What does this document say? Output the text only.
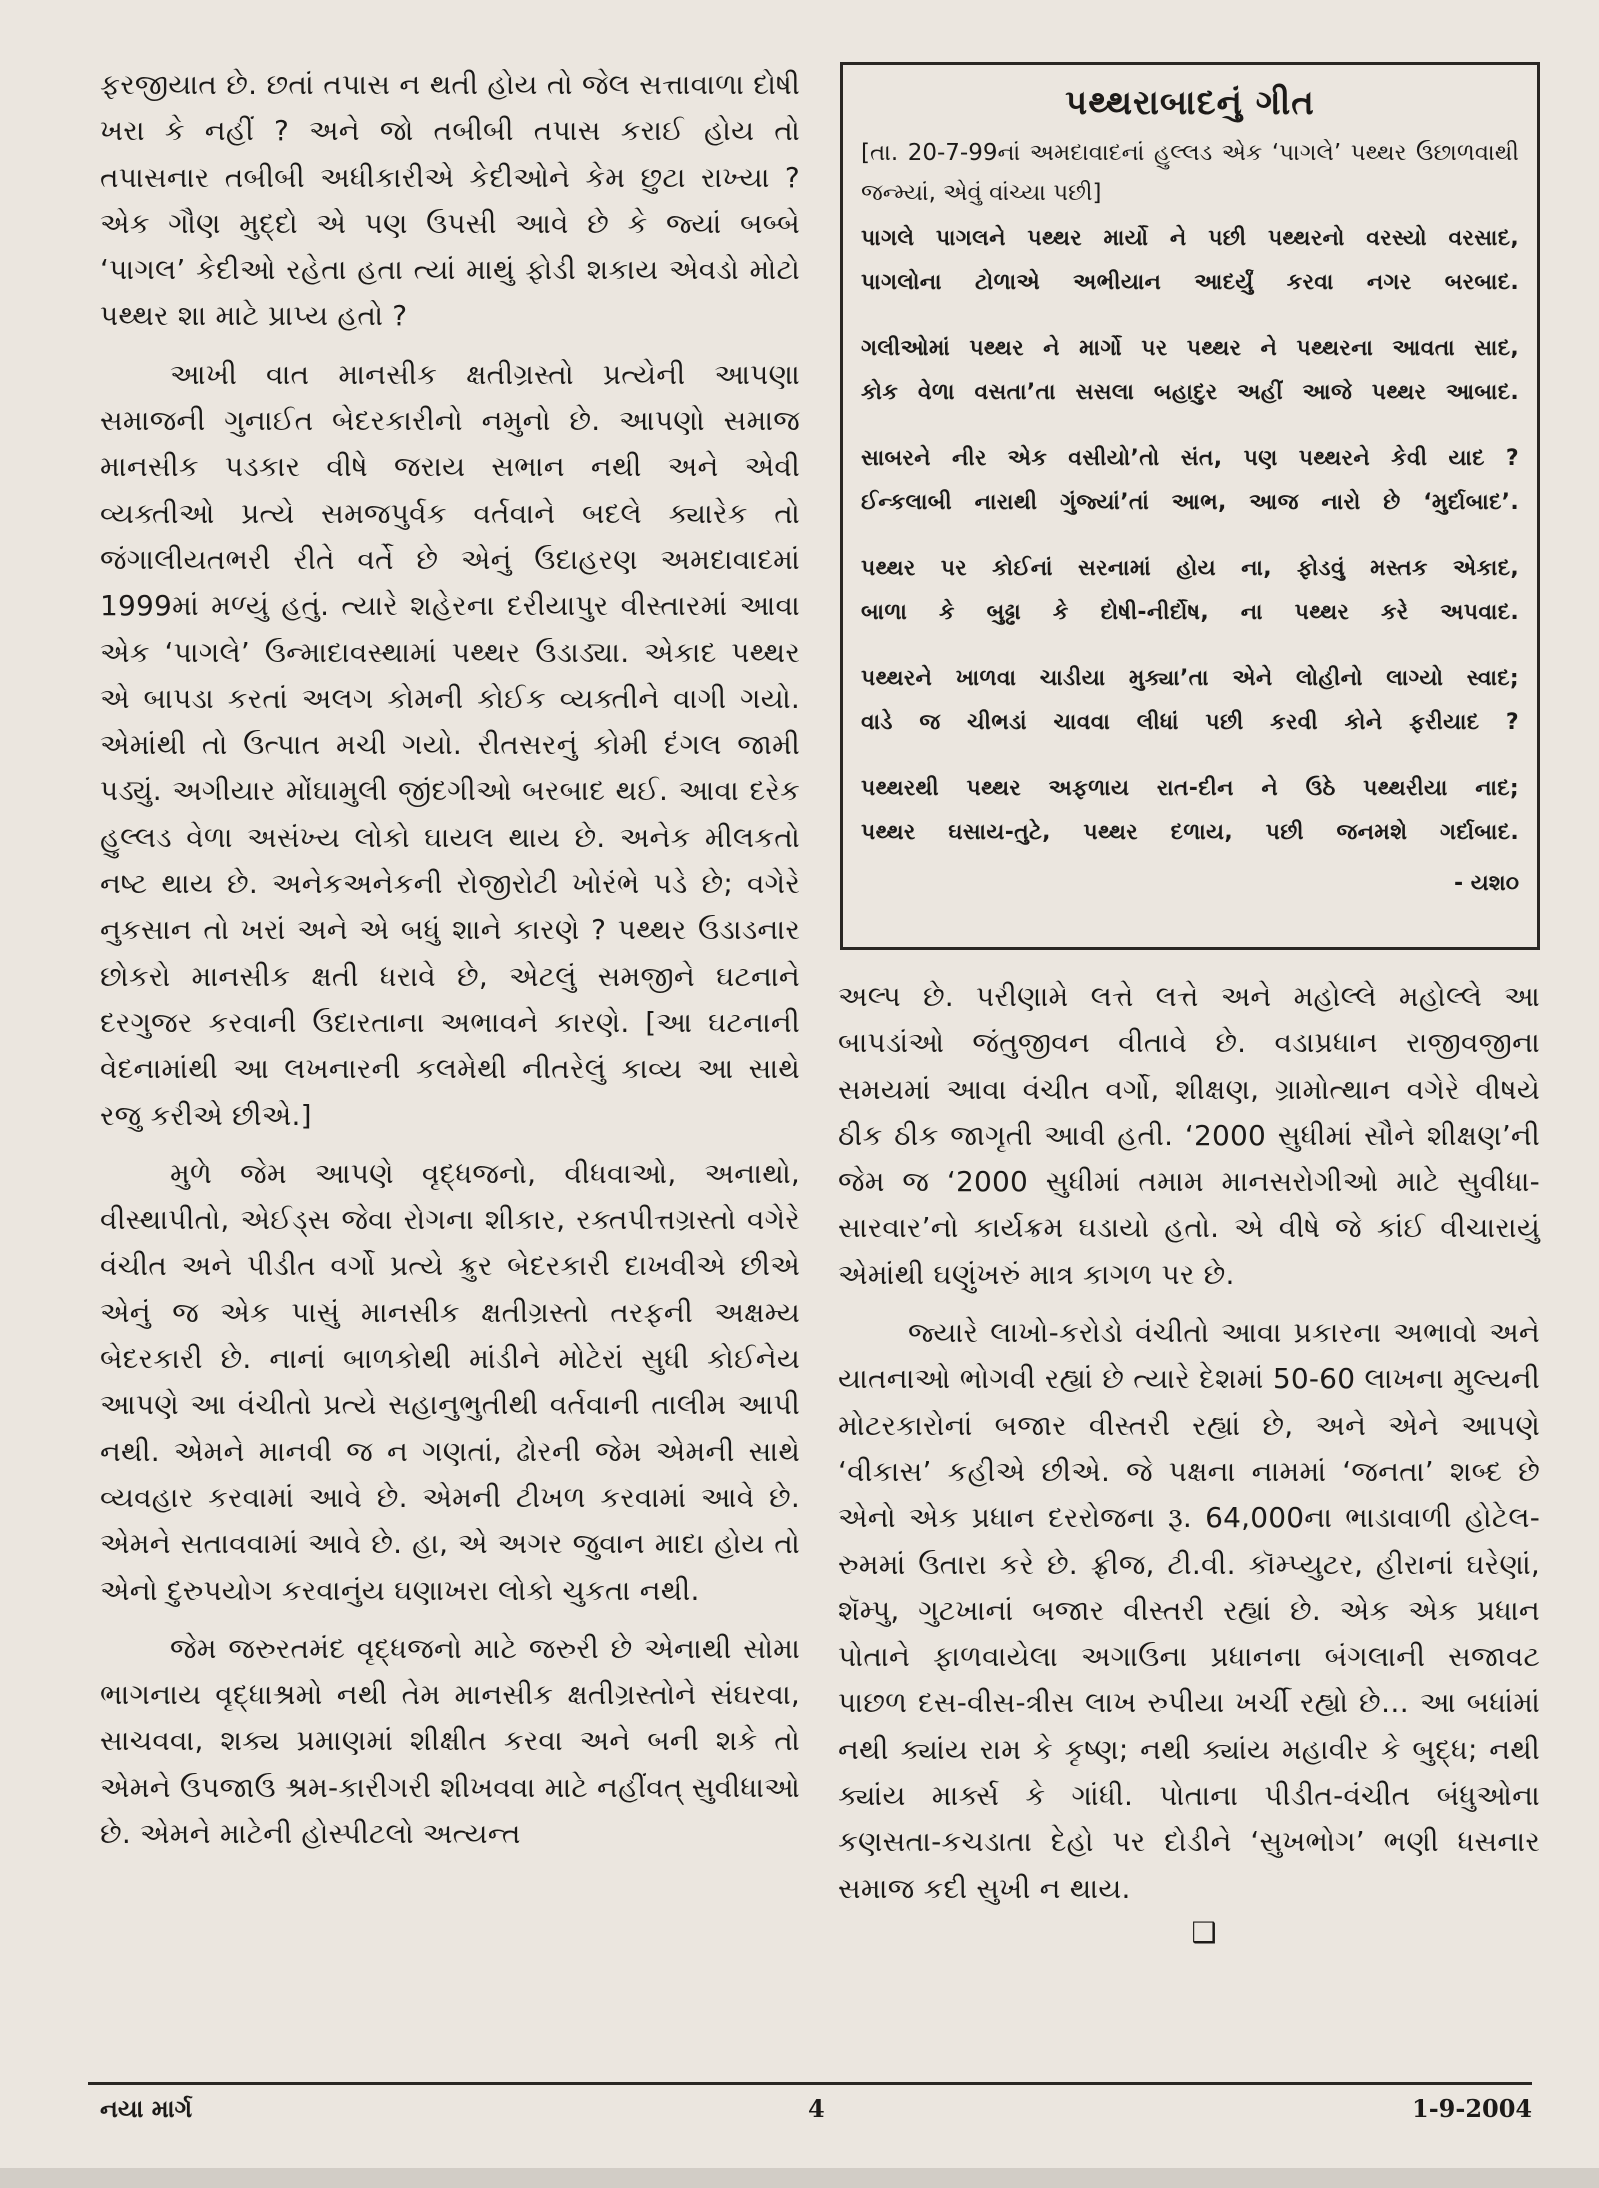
ફરજીયાત છે. છતાં તપાસ ન થતી હોય તો જેલ સત્તાવાળા દોષી ખરા કે નહીં ? અને જો તબીબી તપાસ કરાઈ હોય તો તપાસનાર તબીબી અધીકારીએ કેદીઓને કેમ છુટા રાખ્યા ? એક ગૌણ મુદ્દો એ પણ ઉપસી આવે છે કે જ્યાં બબ્બે ‘પાગલ’ કેદીઓ રહેતા હતા ત્યાં માથું ફોડી શકાય એવડો મોટો પથ્થર શા માટે પ્રાપ્ય હતો ?

આખી વાત માનસીક ક્ષતીગ્રસ્તો પ્રત્યેની આપણા સમાજની ગુનાઈત બેદરકારીનો નમુનો છે. આપણો સમાજ માનસીક પડકાર વીષે જરાય સભાન નથી અને એવી વ્યક્તીઓ પ્રત્યે સમજપુર્વક વર્તવાને બદલે ક્યારેક તો જંગાલીયતભરી રીતે વર્તે છે એનું ઉદાહરણ અમદાવાદમાં 1999માં મળ્યું હતું. ત્યારે શહેરના દરીયાપુર વીસ્તારમાં આવા એક ‘પાગલે’ ઉન્માદાવસ્થામાં પથ્થર ઉડાડ્યા. એકાદ પથ્થર એ બાપડા કરતાં અલગ કોમની કોઈક વ્યક્તીને વાગી ગયો. એમાંથી તો ઉત્પાત મચી ગયો. રીતસરનું કોમી દંગલ જામી પડ્યું. અગીયાર મોંઘામુલી જીંદગીઓ બરબાદ થઈ. આવા દરેક હુલ્લડ વેળા અસંખ્ય લોકો ઘાયલ થાય છે. અનેક મીલકતો નષ્ટ થાય છે. અનેકઅનેકની રોજીરોટી ખોરંભે પડે છે; વગેરે નુકસાન તો ખરાં અને એ બધું શાને કારણે ? પથ્થર ઉડાડનાર છોકરો માનસીક ક્ષતી ધરાવે છે, એટલું સમજીને ઘટનાને દરગુજર કરવાની ઉદારતાના અભાવને કારણે. [આ ઘટનાની વેદનામાંથી આ લખનારની કલમેથી નીતરેલું કાવ્ય આ સાથે રજુ કરીએ છીએ.]

મુળે જેમ આપણે વૃદ્ધજનો, વીધવાઓ, અનાથો, વીસ્થાપીતો, એઈડ્સ જેવા રોગના શીકાર, રક્તપીત્તગ્રસ્તો વગેરે વંચીત અને પીડીત વર્ગો પ્રત્યે ક્રુર બેદરકારી દાખવીએ છીએ એનું જ એક પાસું માનસીક ક્ષતીગ્રસ્તો તરફની અક્ષમ્ય બેદરકારી છે. નાનાં બાળકોથી માંડીને મોટેરાં સુધી કોઈનેય આપણે આ વંચીતો પ્રત્યે સહાનુભુતીથી વર્તવાની તાલીમ આપી નથી. એમને માનવી જ ન ગણતાં, ઢોરની જેમ એમની સાથે વ્યવહાર કરવામાં આવે છે. એમની ટીખળ કરવામાં આવે છે. એમને સતાવવામાં આવે છે. હા, એ અગર જુવાન માદા હોય તો એનો દુરુપયોગ કરવાનુંય ઘણાખરા લોકો ચુકતા નથી.

જેમ જરુરતમંદ વૃદ્ધજનો માટે જરુરી છે એનાથી સોમા ભાગનાય વૃદ્ધાશ્રમો નથી તેમ માનસીક ક્ષતીગ્રસ્તોને સંઘરવા, સાચવવા, શક્ય પ્રમાણમાં શીક્ષીત કરવા અને બની શકે તો એમને ઉપજાઉ શ્રમ-કારીગરી શીખવવા માટે નહીંવત્ સુવીધાઓ છે. એમને માટેની હોસ્પીટલો અત્યન્ત

પથ્થરાબાદનું ગીત

[તા. 20-7-99નાં અમદાવાદનાં હુલ્લડ એક ‘પાગલે’ પથ્થર ઉછાળવાથી જન્મ્યાં, એવું વાંચ્યા પછી]

પાગલે પાગલને પથ્થર માર્યો ને પછી પથ્થરનો વરસ્યો વરસાદ,

પાગલોના ટોળાએ અભીયાન આદર્યું કરવા નગર બરબાદ.

ગલીઓમાં પથ્થર ને માર્ગો પર પથ્થર ને પથ્થરના આવતા સાદ,

કોક વેળા વસતા’તા સસલા બહાદુર અહીં આજે પથ્થર આબાદ.

સાબરને નીર એક વસીયો’તો સંત, પણ પથ્થરને કેવી યાદ ?

ઈન્કલાબી નારાથી ગુંજ્યાં’તાં આભ, આજ નારો છે ‘મુર્દાબાદ’.

પથ્થર પર કોઈનાં સરનામાં હોય ના, ફોડવું મસ્તક એકાદ,

બાળા કે બુઢ્ઢા કે દોષી-નીર્દોષ, ના પથ્થર કરે અપવાદ.

પથ્થરને ખાળવા ચાડીયા મુક્યા’તા એને લોહીનો લાગ્યો સ્વાદ;

વાડે જ ચીભડાં ચાવવા લીધાં પછી કરવી કોને ફરીયાદ ?

પથ્થરથી પથ્થર અફળાય રાત-દીન ને ઉઠે પથ્થરીયા નાદ;

પથ્થર ઘસાય-તુટે, પથ્થર દળાય, પછી જનમશે ગર્દાબાદ.

- યશ૦

અલ્પ છે. પરીણામે લત્તે લત્તે અને મહોલ્લે મહોલ્લે આ બાપડાંઓ જંતુજીવન વીતાવે છે. વડાપ્રધાન રાજીવજીના સમયમાં આવા વંચીત વર્ગો, શીક્ષણ, ગ્રામોત્થાન વગેરે વીષયે ઠીક ઠીક જાગૃતી આવી હતી. ‘2000 સુધીમાં સૌને શીક્ષણ’ની જેમ જ ‘2000 સુધીમાં તમામ માનસરોગીઓ માટે સુવીધા-સારવાર’નો કાર્યક્રમ ઘડાયો હતો. એ વીષે જે કાંઈ વીચારાયું એમાંથી ઘણુંખરું માત્ર કાગળ પર છે.

જ્યારે લાખો-કરોડો વંચીતો આવા પ્રકારના અભાવો અને યાતનાઓ ભોગવી રહ્યાં છે ત્યારે દેશમાં 50-60 લાખના મુલ્યની મોટરકારોનાં બજાર વીસ્તરી રહ્યાં છે, અને એને આપણે ‘વીકાસ’ કહીએ છીએ. જે પક્ષના નામમાં ‘જનતા’ શબ્દ છે એનો એક પ્રધાન દરરોજના રૂ. 64,000ના ભાડાવાળી હોટેલ-રુમમાં ઉતારા કરે છે. ફ્રીજ, ટી.વી. કૉમ્પ્યુટર, હીરાનાં ઘરેણાં, શૅમ્પુ, ગુટખાનાં બજાર વીસ્તરી રહ્યાં છે. એક એક પ્રધાન પોતાને ફાળવાયેલા અગાઉના પ્રધાનના બંગલાની સજાવટ પાછળ દસ-વીસ-ત્રીસ લાખ રુપીયા ખર્ચી રહ્યો છે… આ બધાંમાં નથી ક્યાંય રામ કે કૃષ્ણ; નથી ક્યાંય મહાવીર કે બુદ્ધ; નથી ક્યાંય માર્ક્સ કે ગાંધી. પોતાના પીડીત-વંચીત બંધુઓના કણસતા-કચડાતા દેહો પર દોડીને ‘સુખભોગ’ ભણી ધસનાર સમાજ કદી સુખી ન થાય.

❑
નયા માર્ગ	4	1-9-2004
